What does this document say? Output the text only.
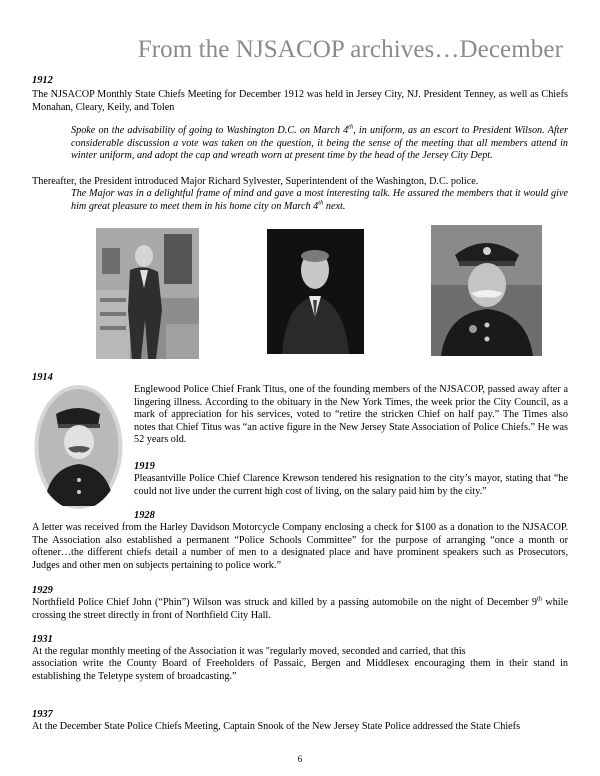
From the NJSACOP archives…December
1912
The NJSACOP Monthly State Chiefs Meeting for December 1912 was held in Jersey City, NJ. President Tenney, as well as Chiefs Monahan, Cleary, Keily, and Tolen
Spoke on the advisability of going to Washington D.C. on March 4th, in uniform, as an escort to President Wilson. After considerable discussion a vote was taken on the question, it being the sense of the meeting that all members attend in winter uniform, and adopt the cap and wreath worn at present time by the head of the Jersey City Dept.
Thereafter, the President introduced Major Richard Sylvester, Superintendent of the Washington, D.C. police.
The Major was in a delightful frame of mind and gave a most interesting talk. He assured the members that it would give him great pleasure to meet them in his home city on March 4th next.
1914
Englewood Police Chief Frank Titus, one of the founding members of the NJSACOP, passed away after a lingering illness. According to the obituary in the New York Times, the week prior the City Council, as a mark of appreciation for his services, voted to “retire the stricken Chief on half pay.” The Times also notes that Chief Titus was “an active figure in the New Jersey State Association of Police Chiefs.” He was 52 years old.
1919
Pleasantville Police Chief Clarence Krewson tendered his resignation to the city’s mayor, stating that “he could not live under the current high cost of living, on the salary paid him by the city.”
1928
A letter was received from the Harley Davidson Motorcycle Company enclosing a check for $100 as a donation to the NJSACOP. The Association also established a permanent “Police Schools Committee” for the purpose of arranging “once a month or oftener…the different chiefs detail a number of men to a designated place and have prominent speakers such as Prosecutors, Judges and other men on subjects pertaining to police work.”
1929
Northfield Police Chief John (“Phin”) Wilson was struck and killed by a passing automobile on the night of December 9th while crossing the street directly in front of Northfield City Hall.
1931
At the regular monthly meeting of the Association it was "regularly moved, seconded and carried, that this
association write the County Board of Freeholders of Passaic, Bergen and Middlesex encouraging them in their stand in establishing the Teletype system of broadcasting.”
1937
At the December State Police Chiefs Meeting, Captain Snook of the New Jersey State Police addressed the State Chiefs
6
